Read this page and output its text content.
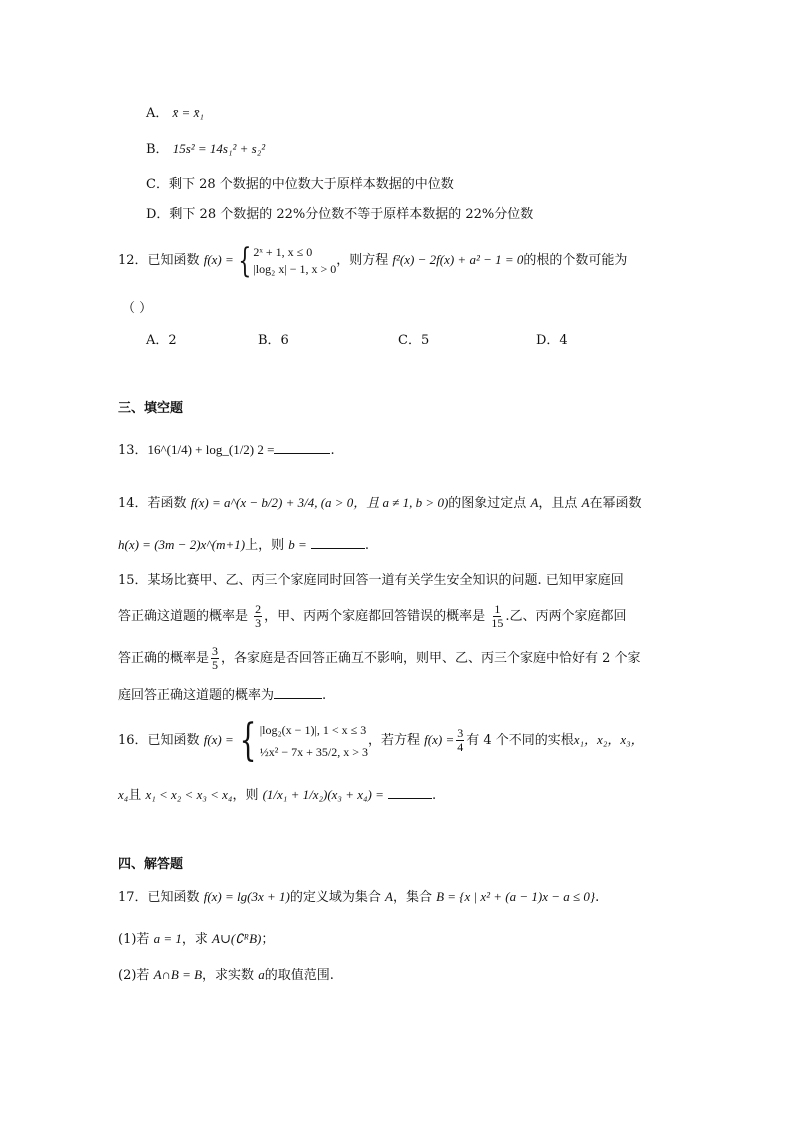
A． x̄ = x̄₁
B． 15s² = 14s₁² + s₂²
C．剩下 28 个数据的中位数大于原样本数据的中位数
D．剩下 28 个数据的 22%分位数不等于原样本数据的 22%分位数
12．已知函数 f(x) = { 2ˣ + 1, x ≤ 0
|log₂ x| − 1, x > 0
，则方程 f²(x) − 2f(x) + a² − 1 = 0的根的个数可能为
（ ）
A．2	B．6	C．5	D．4
三、填空题
13．16^(1/4) + log_(1/2) 2 =	.
14．若函数 f(x) = a^(x − b/2) + 3/4, (a > 0，且 a ≠ 1, b > 0)的图象过定点 A，且点 A在幂函数
h(x) = (3m − 2)x^(m+1)上，则 b =	.
15．某场比赛甲、乙、丙三个家庭同时回答一道有关学生安全知识的问题. 已知甲家庭回
答正确这道题的概率是 $\frac{2}{3}$ ，甲、丙两个家庭都回答错误的概率是 $\frac{1}{15}$ .乙、丙两个家庭都回
答正确的概率是 $\frac{3}{5}$ ，各家庭是否回答正确互不影响，则甲、乙、丙三个家庭中恰好有 2 个家
庭回答正确这道题的概率为	.
16．已知函数 f(x) = { |log₂(x − 1)|, 1 < x ≤ 3
½x² − 7x + 35/2, x > 3
，若方程 $f(x) = \frac{3}{4}$ 有 4 个不同的实根x₁，x₂，x₃，
x₄且 x₁ < x₂ < x₃ < x₄，则 (1/x₁ + 1/x₂)(x₃ + x₄) =	.
四、解答题
17．已知函数 f(x) = lg(3x + 1)的定义域为集合 A，集合 B = {x | x² + (a − 1)x − a ≤ 0}.
(1)若 a = 1，求 A∪(∁ᴿB)；
(2)若 A∩B = B，求实数 a的取值范围.
